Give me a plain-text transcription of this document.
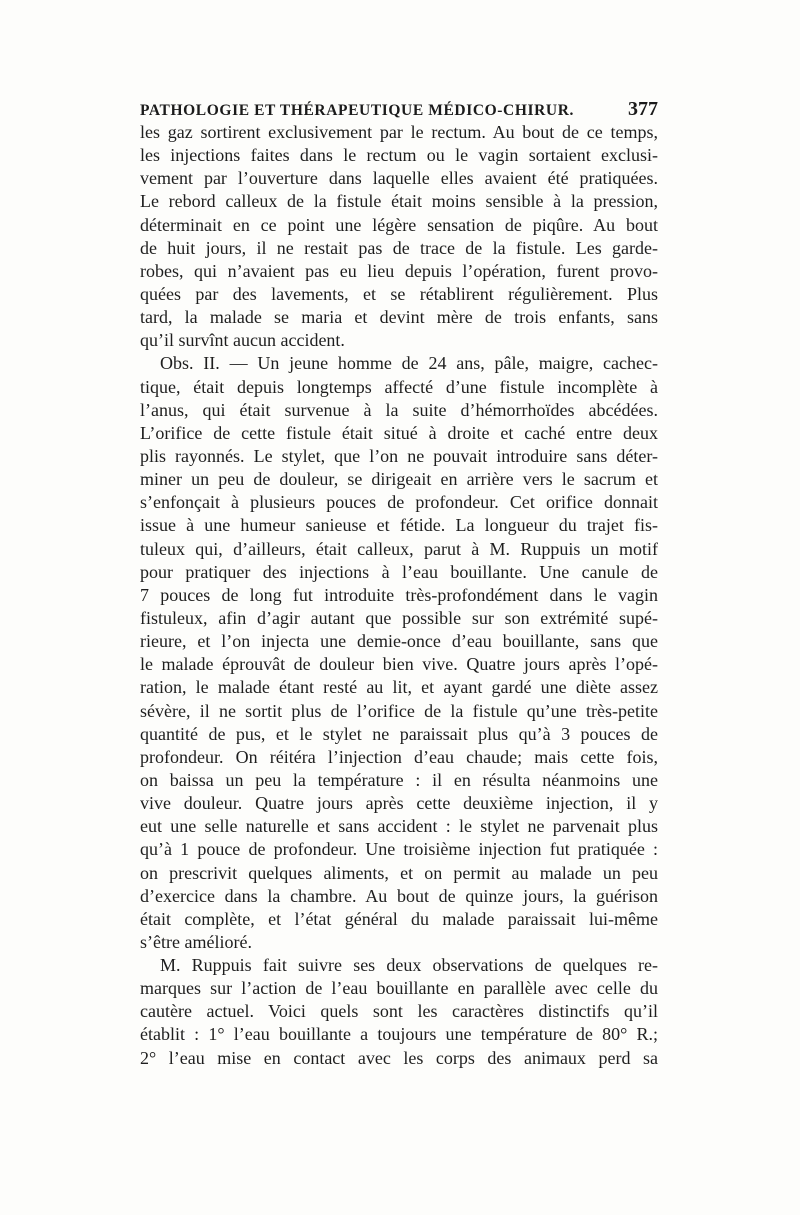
PATHOLOGIE ET THÉRAPEUTIQUE MÉDICO-CHIRUR.	377
les gaz sortirent exclusivement par le rectum. Au bout de ce temps,
les injections faites dans le rectum ou le vagin sortaient exclusi-
vement par l’ouverture dans laquelle elles avaient été pratiquées.
Le rebord calleux de la fistule était moins sensible à la pression,
déterminait en ce point une légère sensation de piqûre. Au bout
de huit jours, il ne restait pas de trace de la fistule. Les garde-
robes, qui n’avaient pas eu lieu depuis l’opération, furent provo-
quées par des lavements, et se rétablirent régulièrement. Plus
tard, la malade se maria et devint mère de trois enfants, sans
qu’il survînt aucun accident.
Obs. II. — Un jeune homme de 24 ans, pâle, maigre, cachec-
tique, était depuis longtemps affecté d’une fistule incomplète à
l’anus, qui était survenue à la suite d’hémorrhoïdes abcédées.
L’orifice de cette fistule était situé à droite et caché entre deux
plis rayonnés. Le stylet, que l’on ne pouvait introduire sans déter-
miner un peu de douleur, se dirigeait en arrière vers le sacrum et
s’enfonçait à plusieurs pouces de profondeur. Cet orifice donnait
issue à une humeur sanieuse et fétide. La longueur du trajet fis-
tuleux qui, d’ailleurs, était calleux, parut à M. Ruppuis un motif
pour pratiquer des injections à l’eau bouillante. Une canule de
7 pouces de long fut introduite très-profondément dans le vagin
fistuleux, afin d’agir autant que possible sur son extrémité supé-
rieure, et l’on injecta une demie-once d’eau bouillante, sans que
le malade éprouvât de douleur bien vive. Quatre jours après l’opé-
ration, le malade étant resté au lit, et ayant gardé une diète assez
sévère, il ne sortit plus de l’orifice de la fistule qu’une très-petite
quantité de pus, et le stylet ne paraissait plus qu’à 3 pouces de
profondeur. On réitéra l’injection d’eau chaude; mais cette fois,
on baissa un peu la température : il en résulta néanmoins une
vive douleur. Quatre jours après cette deuxième injection, il y
eut une selle naturelle et sans accident : le stylet ne parvenait plus
qu’à 1 pouce de profondeur. Une troisième injection fut pratiquée :
on prescrivit quelques aliments, et on permit au malade un peu
d’exercice dans la chambre. Au bout de quinze jours, la guérison
était complète, et l’état général du malade paraissait lui-même
s’être amélioré.
M. Ruppuis fait suivre ses deux observations de quelques re-
marques sur l’action de l’eau bouillante en parallèle avec celle du
cautère actuel. Voici quels sont les caractères distinctifs qu’il
établit : 1° l’eau bouillante a toujours une température de 80° R.;
2° l’eau mise en contact avec les corps des animaux perd sa
